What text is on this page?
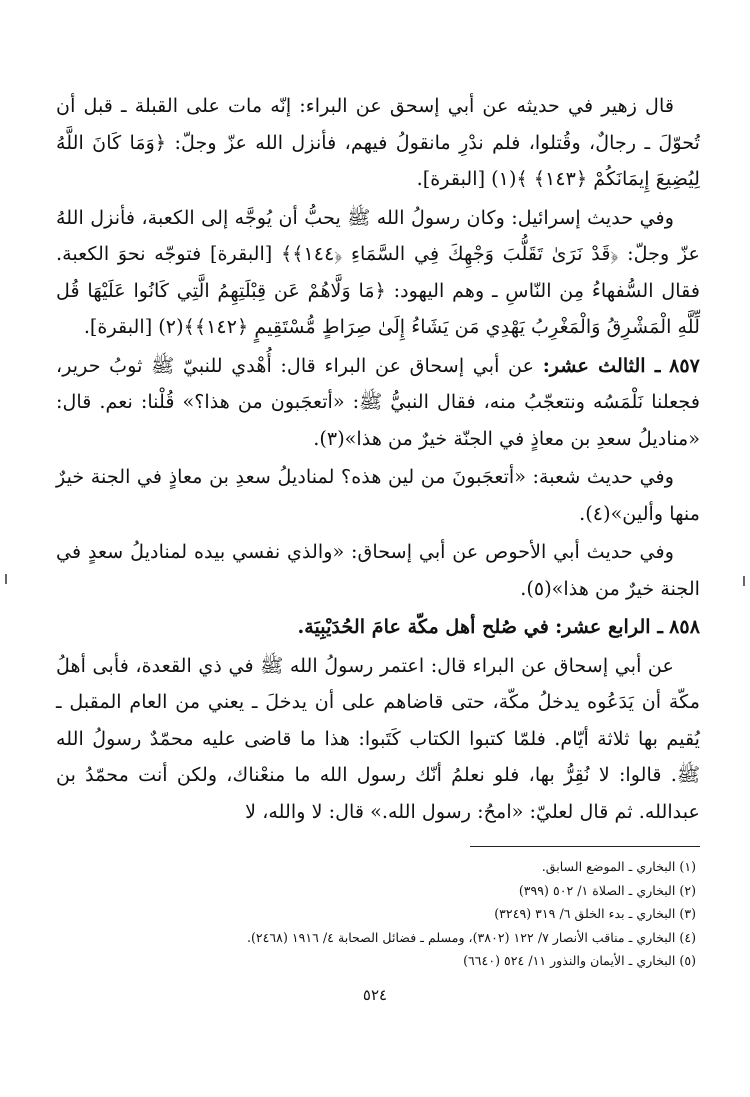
قال زهير في حديثه عن أبي إسحق عن البراء: إنّه مات على القبلة ـ قبل أن تُحوّلَ ـ رجالٌ، وقُتلوا، فلم ندْرِ مانقولُ فيهم، فأنزل الله عزّ وجلّ: ﴿وَمَا كَانَ اللَّهُ لِيُضِيعَ إِيمَانَكُمْ ﴿١٤٣﴾ ﴾(١) [البقرة].

وفي حديث إسرائيل: وكان رسولُ الله ﷺ يحبُّ أن يُوجَّه إلى الكعبة، فأنزل اللهُ عزّ وجلّ: ﴿قَدْ نَرَىٰ تَقَلُّبَ وَجْهِكَ فِي السَّمَاءِ ﴿١٤٤﴾﴾ [البقرة] فتوجّه نحوَ الكعبة. فقال السُّفهاءُ مِن النّاسِ ـ وهم اليهود: ﴿مَا وَلَّاهُمْ عَن قِبْلَتِهِمُ الَّتِي كَانُوا عَلَيْهَا قُل لِّلَّهِ الْمَشْرِقُ وَالْمَغْرِبُ يَهْدِي مَن يَشَاءُ إِلَىٰ صِرَاطٍ مُّسْتَقِيمٍ ﴿١٤٢﴾﴾(٢) [البقرة].

٨٥٧ ـ الثالث عشر: عن أبي إسحاق عن البراء قال: أُهْدي للنبيّ ﷺ ثوبُ حرير، فجعلنا نَلْمَسُه ونتعجّبُ منه، فقال النبيُّ ﷺ: «أتعجَبون من هذا؟» قُلْنا: نعم. قال: «مناديلُ سعدِ بن معاذٍ في الجنّة خيرٌ من هذا»(٣).

وفي حديث شعبة: «أتعجَبونَ من لين هذه؟ لمناديلُ سعدِ بن معاذٍ في الجنة خيرٌ منها وألين»(٤).

وفي حديث أبي الأحوص عن أبي إسحاق: «والذي نفسي بيده لمناديلُ سعدٍ في الجنة خيرٌ من هذا»(٥).

٨٥٨ ـ الرابع عشر: في صُلح أهل مكّة عامَ الحُدَيْبِيَة.

عن أبي إسحاق عن البراء قال: اعتمر رسولُ الله ﷺ في ذي القعدة، فأبى أهلُ مكّة أن يَدَعُوه يدخلُ مكّة، حتى قاضاهم على أن يدخلَ ـ يعني من العام المقبل ـ يُقيم بها ثلاثة أيّام. فلمّا كتبوا الكتاب كَتَبوا: هذا ما قاضى عليه محمّدٌ رسولُ الله ﷺ. قالوا: لا نُقِرُّ بها، فلو نعلمُ أنّك رسول الله ما منعْناك، ولكن أنت محمّدُ بن عبدالله. ثم قال لعليّ: «امحُ: رسول الله.» قال: لا والله، لا

(١) البخاري ـ الموضع السابق.
(٢) البخاري ـ الصلاة ١/ ٥٠٢ (٣٩٩)
(٣) البخاري ـ بدء الخلق ٦/ ٣١٩ (٣٢٤٩)
(٤) البخاري ـ مناقب الأنصار ٧/ ١٢٢ (٣٨٠٢)، ومسلم ـ فضائل الصحابة ٤/ ١٩١٦ (٢٤٦٨).
(٥) البخاري ـ الأيمان والنذور ١١/ ٥٢٤ (٦٦٤٠)
٥٢٤
